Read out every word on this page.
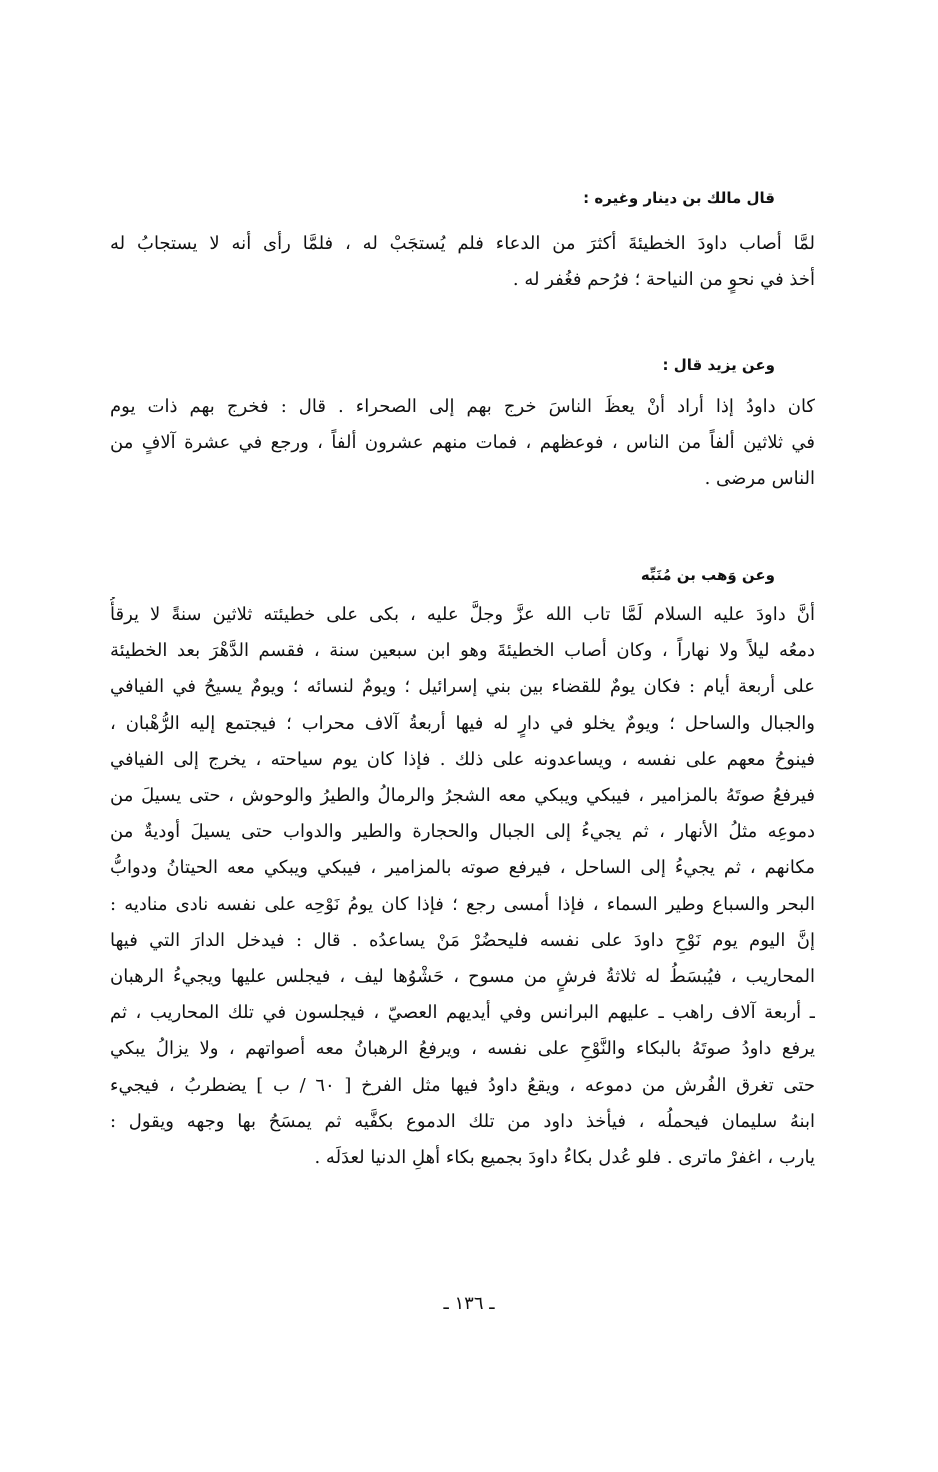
قال مالك بن دينار وغيره :

لمَّا أصاب داودَ الخطيئةَ أكثرَ من الدعاء فلم يُستجَبْ له ، فلمَّا رأى أنه لا يستجابُ له
أخذ في نحوٍ من النياحة ؛ فرُحم فغُفر له .

وعن يزيد قال :

كان داودُ إذا أراد أنْ يعظَ الناسَ خرج بهم إلى الصحراء . قال : فخرج بهم ذات يوم
في ثلاثين ألفاً من الناس ، فوعظهم ، فمات منهم عشرون ألفاً ، ورجع في عشرة آلافٍ من
الناس مرضى .

وعن وَهب بن مُنَبِّه

أنَّ داودَ عليه السلام لَمَّا تاب الله عزَّ وجلَّ عليه ، بكى على خطيئته ثلاثين سنةً لا يرقأُ
دمعُه ليلاً ولا نهاراً ، وكان أصاب الخطيئةَ وهو ابن سبعين سنة ، فقسم الدَّهْرَ بعد الخطيئة
على أربعة أيام : فكان يومٌ للقضاء بين بني إسرائيل ؛ ويومٌ لنسائه ؛ ويومٌ يسيحُ في الفيافي
والجبال والساحل ؛ ويومٌ يخلو في دارٍ له فيها أربعةُ آلاف محراب ؛ فيجتمع إليه الرُّهْبان ،
فينوحُ معهم على نفسه ، ويساعدونه على ذلك . فإذا كان يوم سياحته ، يخرج إلى الفيافي
فيرفعُ صوتَهُ بالمزامير ، فيبكي ويبكي معه الشجرُ والرمالُ والطيرُ والوحوش ، حتى يسيلَ من
دموعِه مثلُ الأنهار ، ثم يجيءُ إلى الجبال والحجارة والطير والدواب حتى يسيلَ أوديةٌ من
مكانهم ، ثم يجيءُ إلى الساحل ، فيرفع صوته بالمزامير ، فيبكي ويبكي معه الحيتانُ ودوابُّ
البحر والسباع وطير السماء ، فإذا أمسى رجع ؛ فإذا كان يومُ نَوْحِه على نفسه نادى مناديه :
إنَّ اليوم يوم نَوْحِ داودَ على نفسه فليحضُرْ مَنْ يساعدُه . قال : فيدخل الدارَ التي فيها
المحاريب ، فيُبسَطُ له ثلاثةُ فرشٍ من مسوح ، حَشْوُها ليف ، فيجلس عليها ويجيءُ الرهبان
ـ أربعة آلاف راهب ـ عليهم البرانس وفي أيديهم العصيّ ، فيجلسون في تلك المحاريب ، ثم
يرفع داودُ صوتَهُ بالبكاء والنَّوْحِ على نفسه ، ويرفعُ الرهبانُ معه أصواتهم ، ولا يزالُ يبكي
حتى تغرق الفُرش من دموعه ، ويقعُ داودُ فيها مثل الفرخ [ ٦٠ / ب ] يضطربُ ، فيجيء
ابنهُ سليمان فيحملُه ، فيأخذ داود من تلك الدموع بكفَّيه ثم يمسَحُ بها وجهه ويقول :
يارب ، اغفرْ ماترى . فلو عُدل بكاءُ داودَ بجميع بكاء أهلِ الدنيا لعدَلَه .

ـ ١٣٦ ـ
